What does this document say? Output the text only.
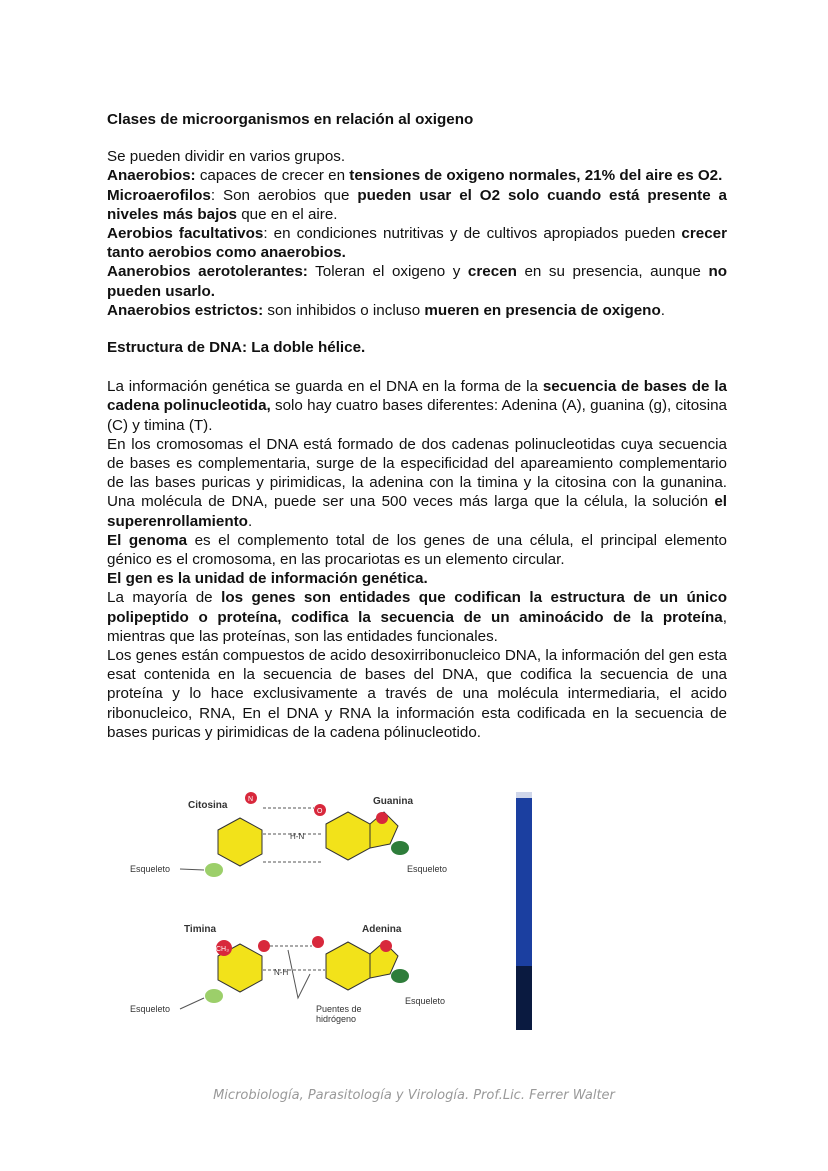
Clases de microorganismos en relación al oxigeno

Se pueden dividir en varios grupos.

Anaerobios: capaces de crecer en tensiones de oxigeno normales, 21% del aire es O2.

Microaerofilos: Son aerobios que pueden usar el O2 solo cuando está presente a niveles más bajos que en el aire.

Aerobios facultativos: en condiciones nutritivas y de cultivos apropiados pueden crecer tanto aerobios como anaerobios.

Aanerobios aerotolerantes: Toleran el oxigeno y crecen en su presencia, aunque no pueden usarlo.

Anaerobios estrictos: son inhibidos o incluso mueren en presencia de oxigeno.

Estructura de DNA: La doble hélice.

La información genética se guarda en el DNA en la forma de la secuencia de bases de la cadena polinucleotida, solo hay cuatro bases diferentes: Adenina (A), guanina (g), citosina (C) y timina (T).

En los cromosomas el DNA está formado de dos cadenas polinucleotidas cuya secuencia de bases es complementaria, surge de la especificidad del apareamiento complementario de las bases puricas y pirimidicas, la adenina con la timina y la citosina con la gunanina. Una molécula de DNA, puede ser una 500 veces más larga que la célula, la solución el superenrollamiento.

El genoma es el complemento total de los genes de una célula, el principal elemento génico es el cromosoma, en las procariotas es un elemento circular.

El gen es la unidad de información genética.

La mayoría de los genes son entidades que codifican la estructura de un único polipeptido o proteína, codifica la secuencia de un aminoácido de la proteína, mientras que las proteínas, son las entidades funcionales.

Los genes están compuestos de acido desoxirribonucleico DNA, la información del gen esta esat contenida en la secuencia de bases del DNA, que codifica la secuencia de una proteína y lo hace exclusivamente a través de una molécula intermediaria, el acido ribonucleico, RNA, En el DNA y RNA la información esta codificada en la secuencia de bases puricas y pirimidicas de la cadena pólinucleotido.

Citosina	Guanina
N
O
H-N
Esqueleto	Esqueleto
Timina	Adenina
CH₃
N-H
Puentes de
hidrógeno
Esqueleto
Esqueleto
Microbiología, Parasitología y Virología. Prof.Lic. Ferrer Walter
